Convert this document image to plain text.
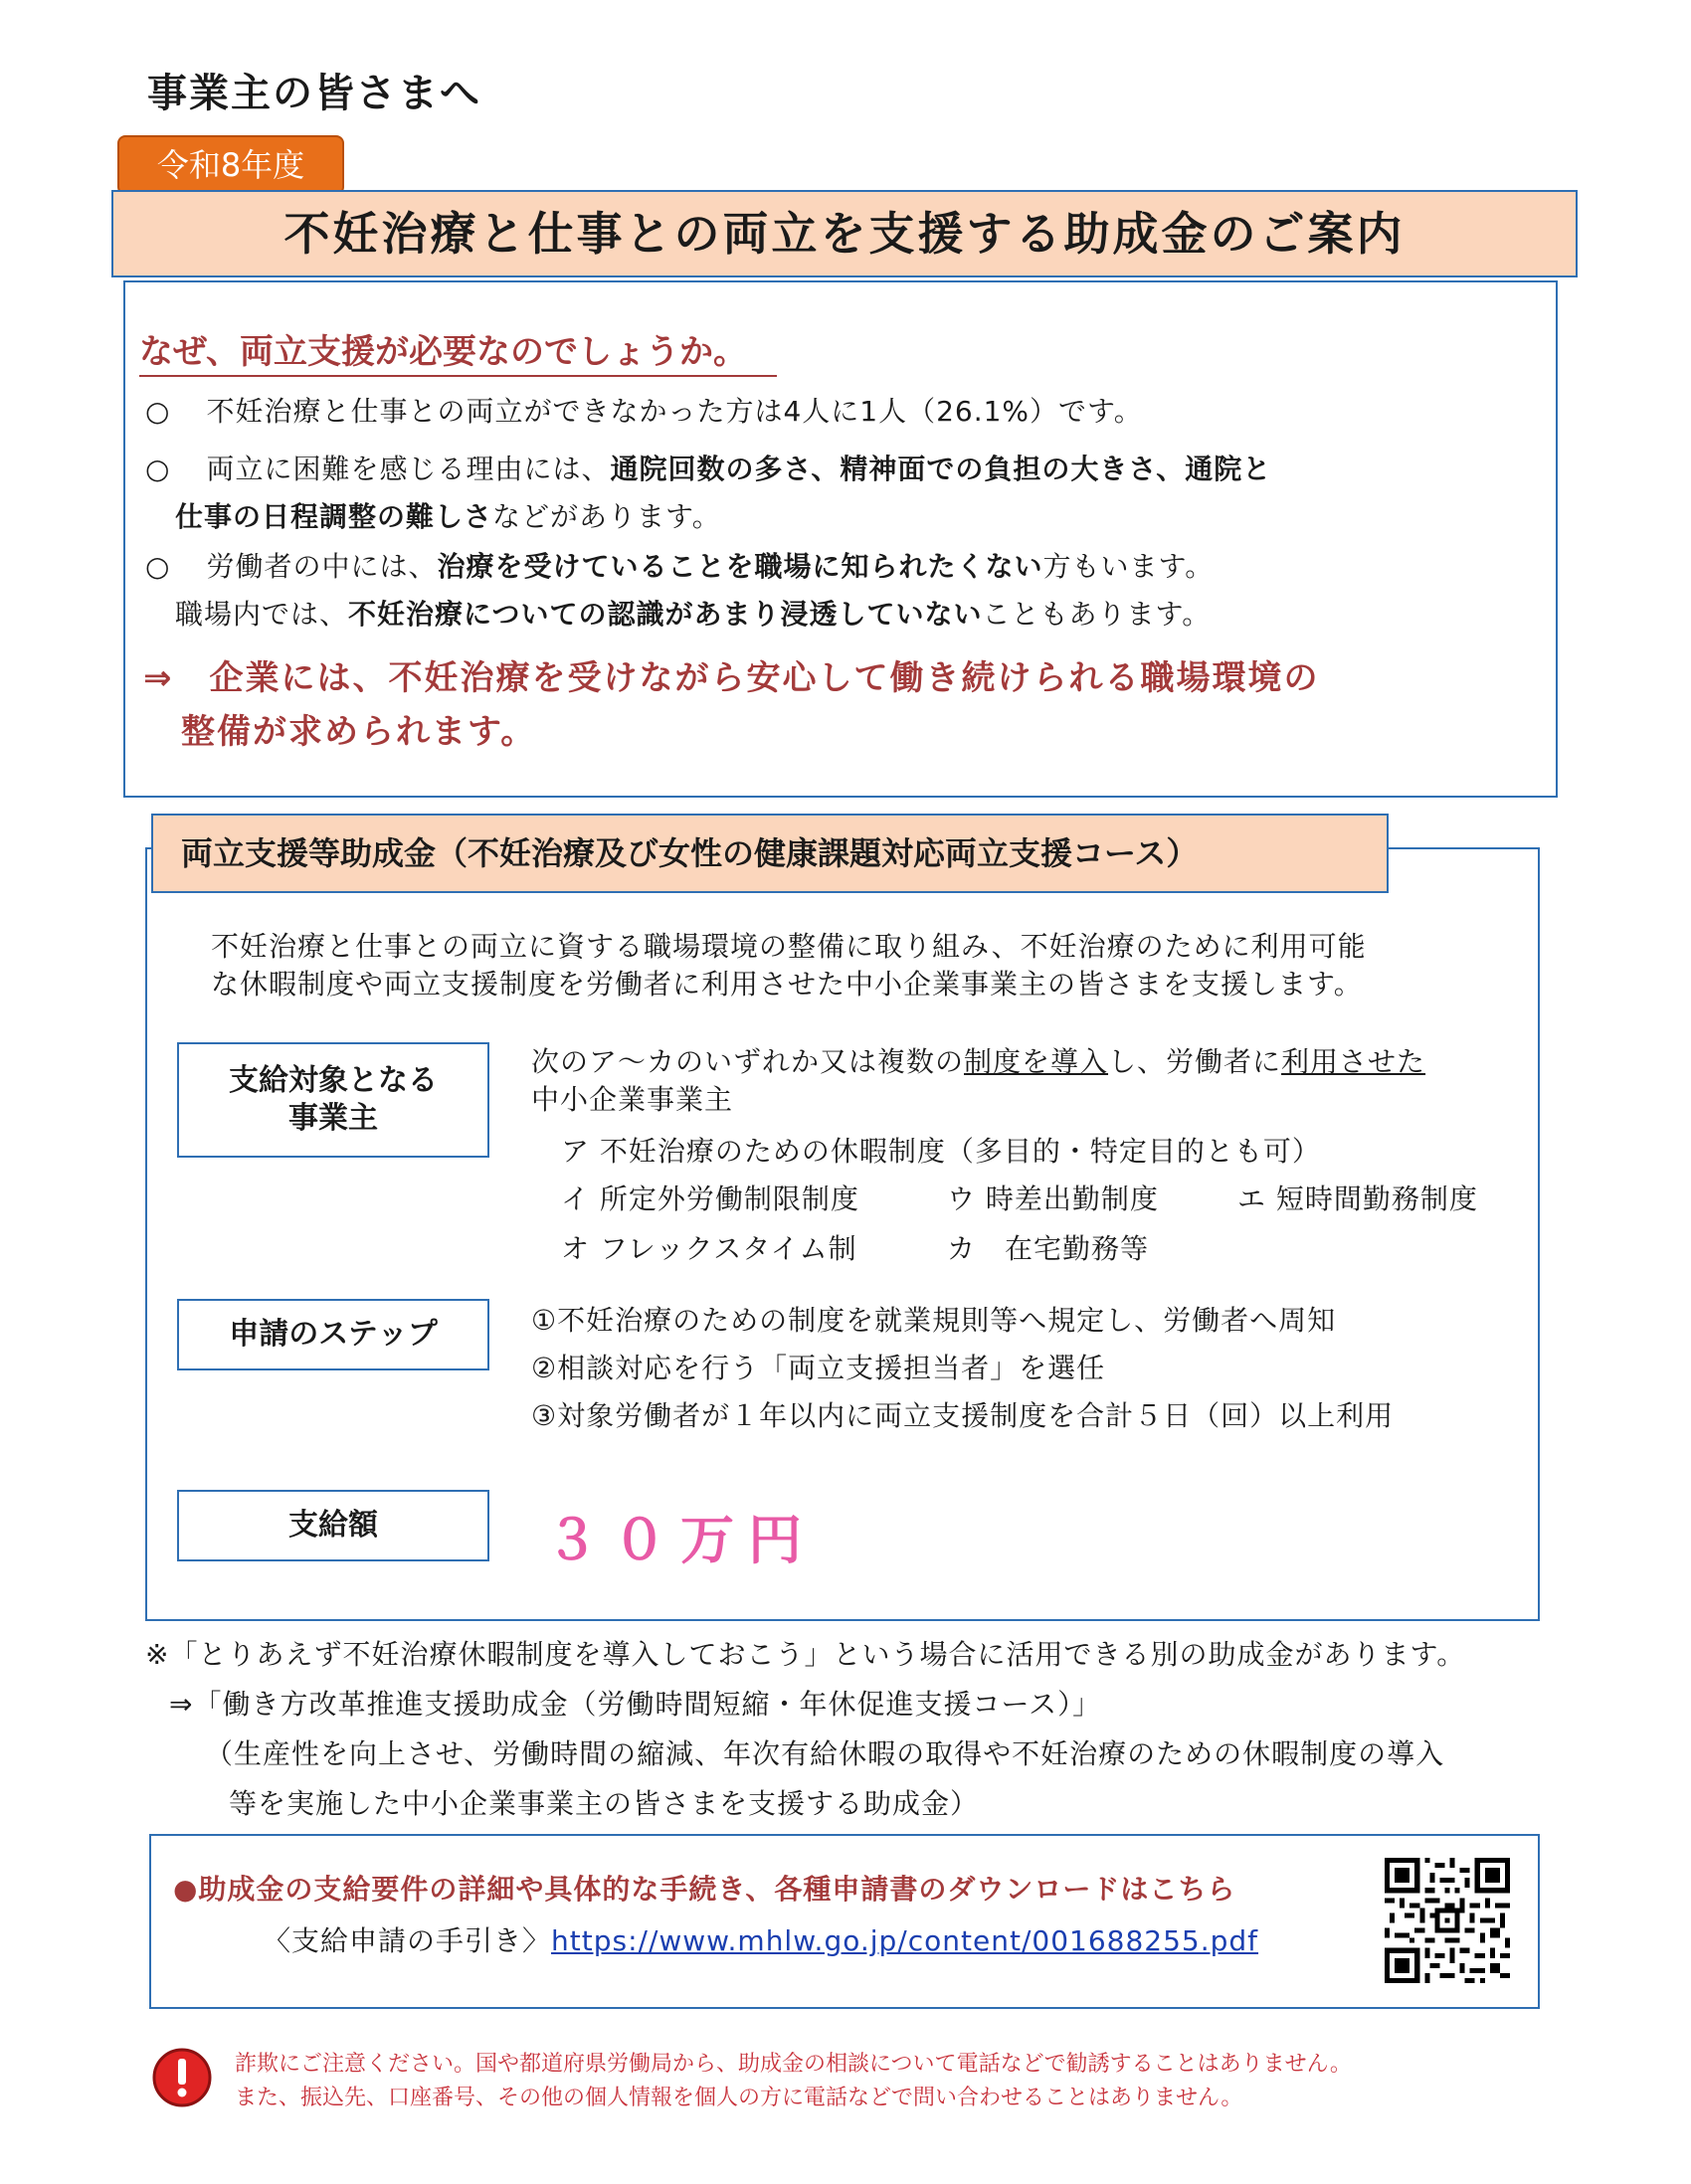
事業主の皆さまへ
令和8年度
不妊治療と仕事との両立を支援する助成金のご案内
なぜ、両立支援が必要なのでしょうか。
○ 不妊治療と仕事との両立ができなかった方は4人に1人（26.1%）です。
○ 両立に困難を感じる理由には、通院回数の多さ、精神面での負担の大きさ、通院と
仕事の日程調整の難しさなどがあります。
○ 労働者の中には、治療を受けていることを職場に知られたくない方もいます。
職場内では、不妊治療についての認識があまり浸透していないこともあります。
⇒ 企業には、不妊治療を受けながら安心して働き続けられる職場環境の
整備が求められます。
両立支援等助成金（不妊治療及び女性の健康課題対応両立支援コース）
不妊治療と仕事との両立に資する職場環境の整備に取り組み、不妊治療のために利用可能
な休暇制度や両立支援制度を労働者に利用させた中小企業事業主の皆さまを支援します。
支給対象となる
事業主
次のア～カのいずれか又は複数の制度を導入し、労働者に利用させた
中小企業事業主
ア 不妊治療のための休暇制度（多目的・特定目的とも可）
イ 所定外労働制限制度	ウ 時差出勤制度	エ 短時間勤務制度
オ フレックスタイム制	カ　在宅勤務等
申請のステップ	①不妊治療のための制度を就業規則等へ規定し、労働者へ周知
②相談対応を行う「両立支援担当者」を選任
③対象労働者が１年以内に両立支援制度を合計５日（回）以上利用
支給額	３０万円
※「とりあえず不妊治療休暇制度を導入しておこう」という場合に活用できる別の助成金があります。
⇒「働き方改革推進支援助成金（労働時間短縮・年休促進支援コース）」
（生産性を向上させ、労働時間の縮減、年次有給休暇の取得や不妊治療のための休暇制度の導入
等を実施した中小企業事業主の皆さまを支援する助成金）
●助成金の支給要件の詳細や具体的な手続き、各種申請書のダウンロードはこちら
〈支給申請の手引き〉https://www.mhlw.go.jp/content/001688255.pdf
詐欺にご注意ください。国や都道府県労働局から、助成金の相談について電話などで勧誘することはありません。
また、振込先、口座番号、その他の個人情報を個人の方に電話などで問い合わせることはありません。
